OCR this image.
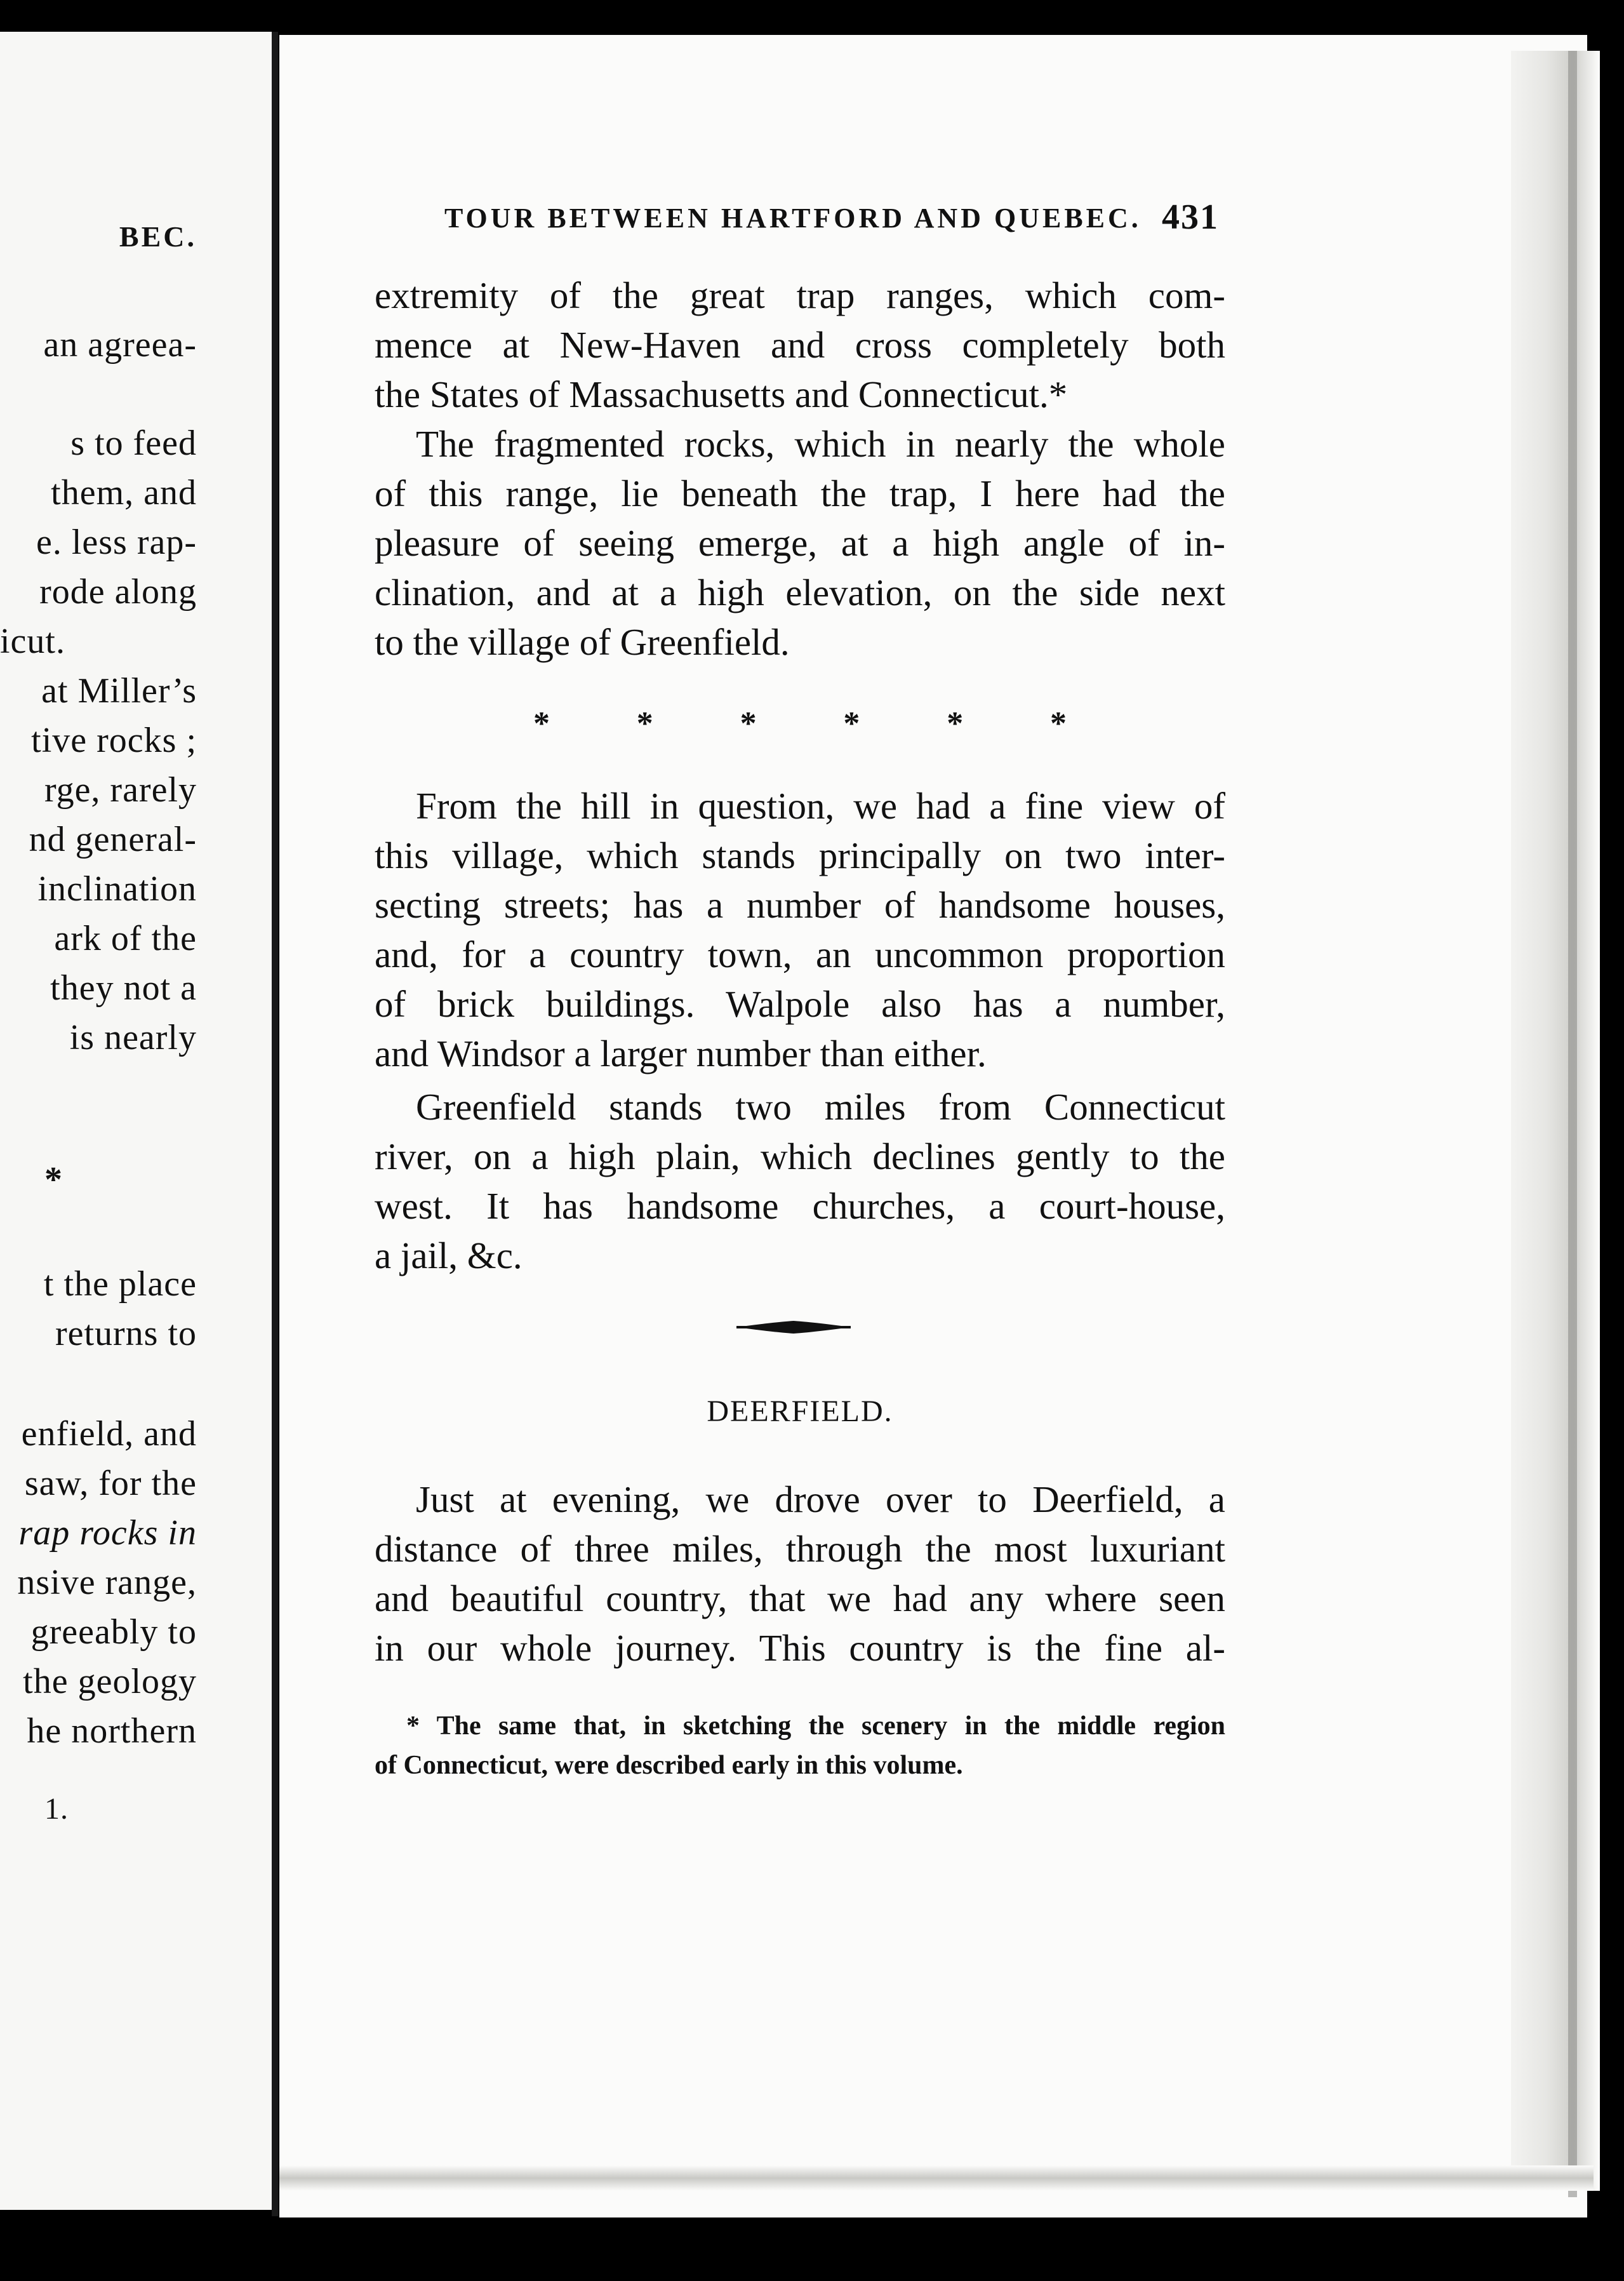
BEC.
an agreea-
s to feed
them, and
e. less rap-
rode along
icut.
at Miller’s
tive rocks ;
rge, rarely
nd general-
inclination
ark of the
they not a
is nearly
*
t the place
returns to
enfield, and
saw, for the
rap rocks in
nsive range,
greeably to
the geology
he northern
1.
TOUR BETWEEN HARTFORD AND QUEBEC. 431
extremity of the great trap ranges, which com-
mence at New-Haven and cross completely both
the States of Massachusetts and Connecticut.*
The fragmented rocks, which in nearly the whole
of this range, lie beneath the trap, I here had the
pleasure of seeing emerge, at a high angle of in-
clination, and at a high elevation, on the side next
to the village of Greenfield.
*	*	*	*	*	*
From the hill in question, we had a fine view of
this village, which stands principally on two inter-
secting streets; has a number of handsome houses,
and, for a country town, an uncommon proportion
of brick buildings. Walpole also has a number,
and Windsor a larger number than either.
Greenfield stands two miles from Connecticut
river, on a high plain, which declines gently to the
west. It has handsome churches, a court-house,
a jail, &c.
DEERFIELD.
Just at evening, we drove over to Deerfield, a
distance of three miles, through the most luxuriant
and beautiful country, that we had any where seen
in our whole journey. This country is the fine al-
* The same that, in sketching the scenery in the middle region
of Connecticut, were described early in this volume.
